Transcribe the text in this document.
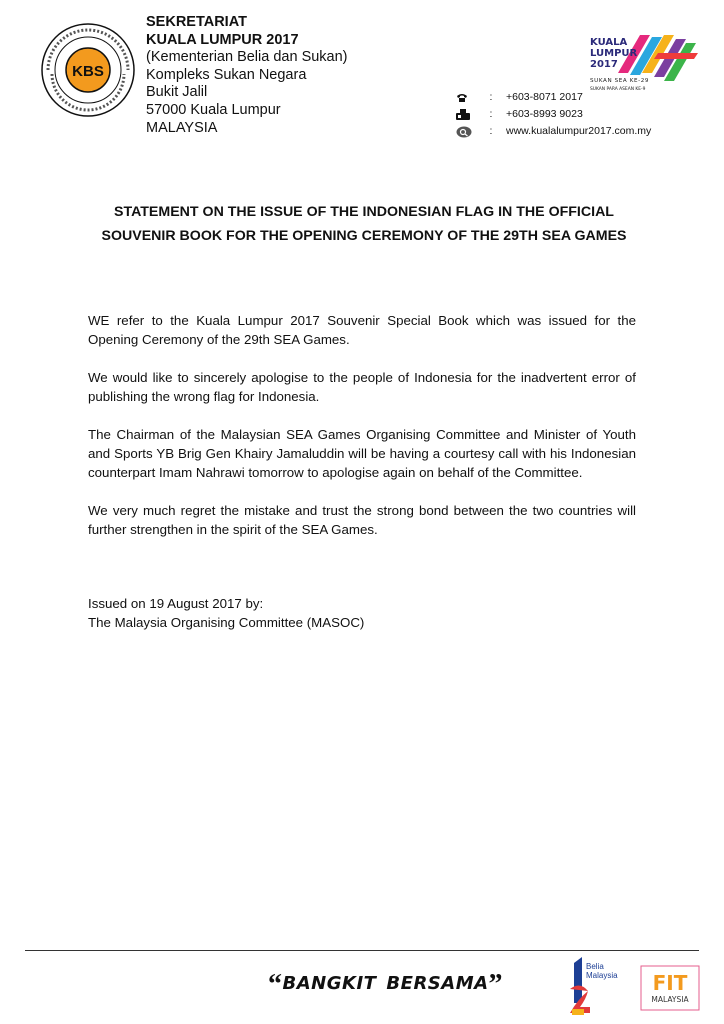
KBS
SEKRETARIAT
KUALA LUMPUR 2017
(Kementerian Belia dan Sukan)
Kompleks Sukan Negara
Bukit Jalil
57000 Kuala Lumpur
MALAYSIA
KUALA
LUMPUR
2017
SUKAN SEA KE-29
SUKAN PARA ASEAN KE-9
:	+603-8071 2017
:	+603-8993 9023
:	www.kualalumpur2017.com.my
STATEMENT ON THE ISSUE OF THE INDONESIAN FLAG IN THE OFFICIAL SOUVENIR BOOK FOR THE OPENING CEREMONY OF THE 29TH SEA GAMES

WE refer to the Kuala Lumpur 2017 Souvenir Special Book which was issued for the Opening Ceremony of the 29th SEA Games.

We would like to sincerely apologise to the people of Indonesia for the inadvertent error of publishing the wrong flag for Indonesia.

The Chairman of the Malaysian SEA Games Organising Committee and Minister of Youth and Sports YB Brig Gen Khairy Jamaluddin will be having a courtesy call with his Indonesian counterpart Imam Nahrawi tomorrow to apologise again on behalf of the Committee.

We very much regret the mistake and trust the strong bond between the two countries will further strengthen in the spirit of the SEA Games.

Issued on 19 August 2017 by:
The Malaysia Organising Committee (MASOC)
“BANGKIT BERSAMA”
Belia
Malaysia FIT
MALAYSIA
